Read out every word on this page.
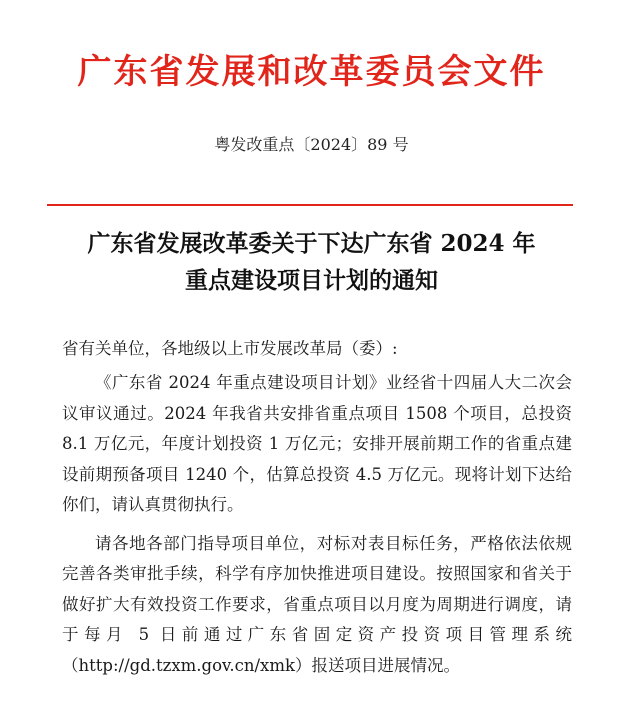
广东省发展和改革委员会文件
粤发改重点〔2024〕89 号
广东省发展改革委关于下达广东省 2024 年
重点建设项目计划的通知

省有关单位，各地级以上市发展改革局（委）:

《广东省 2024 年重点建设项目计划》业经省十四届人大二次会议审议通过。2024 年我省共安排省重点项目 1508 个项目，总投资 8.1 万亿元，年度计划投资 1 万亿元；安排开展前期工作的省重点建设前期预备项目 1240 个，估算总投资 4.5 万亿元。现将计划下达给你们，请认真贯彻执行。

请各地各部门指导项目单位，对标对表目标任务，严格依法依规完善各类审批手续，科学有序加快推进项目建设。按照国家和省关于做好扩大有效投资工作要求，省重点项目以月度为周期进行调度，请于每月 5 日前通过广东省固定资产投资项目管理系统（http://gd.tzxm.gov.cn/xmk）报送项目进展情况。
